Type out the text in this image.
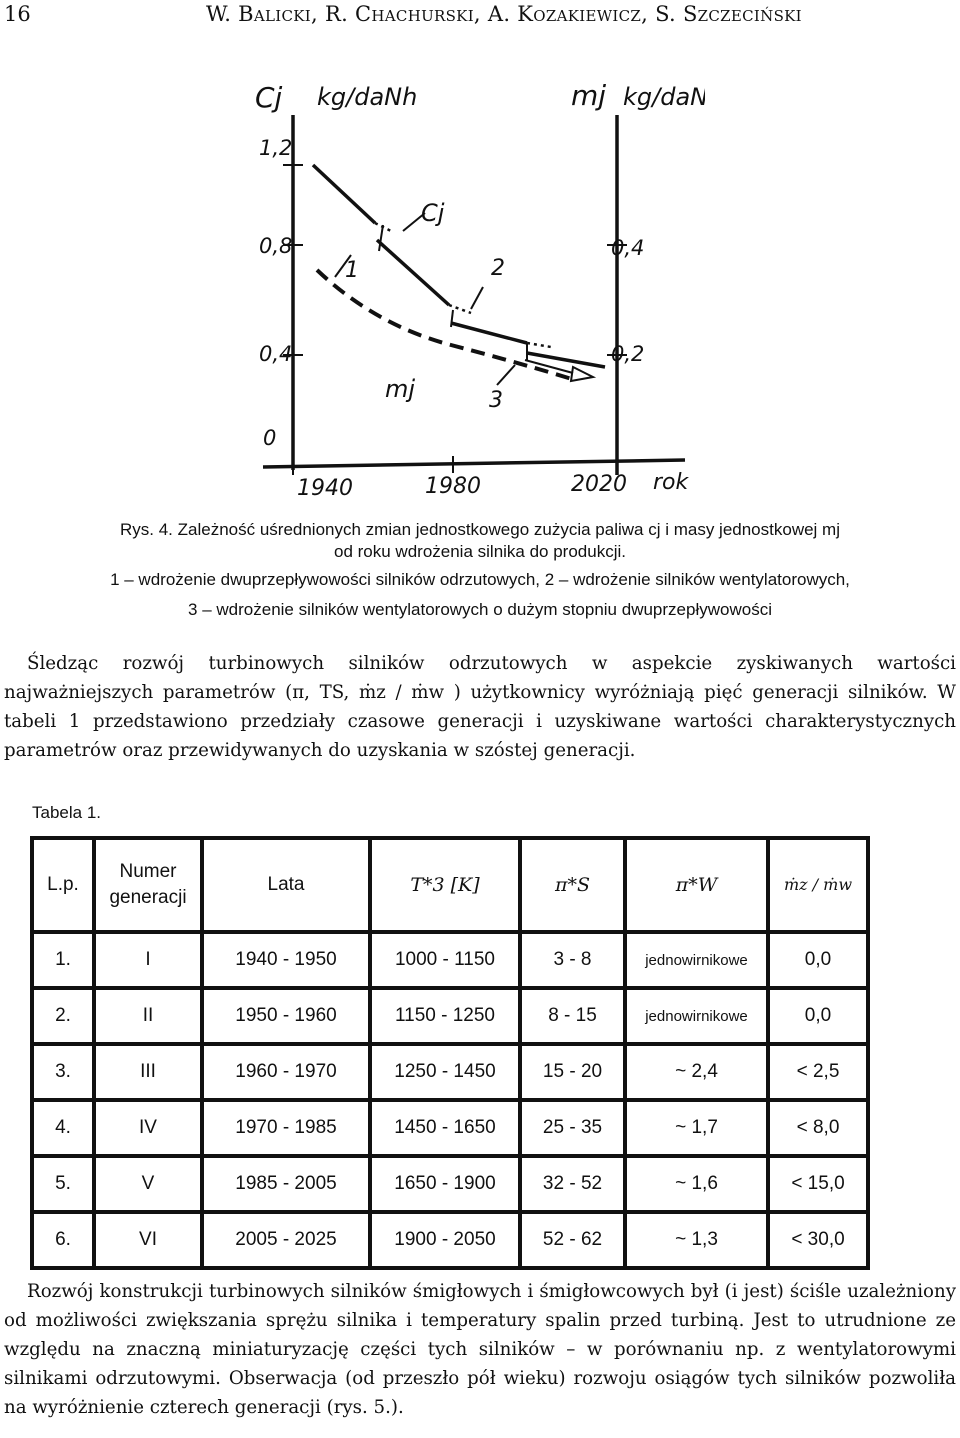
16	W. Balicki, R. Chachurski, A. Kozakiewicz, S. Szczeciński
Cj kg/daNh	mj kg/daN
1,2
0,8
0,4
0
0,4
0,2
1940	1980	2020 rok
Cj
mj
1	2
3
Rys. 4. Zależność uśrednionych zmian jednostkowego zużycia paliwa cj i masy jednostkowej mj
od roku wdrożenia silnika do produkcji.
1 – wdrożenie dwuprzepływowości silników odrzutowych, 2 – wdrożenie silników wentylatorowych,
3 – wdrożenie silników wentylatorowych o dużym stopniu dwuprzepływowości

Śledząc rozwój turbinowych silników odrzutowych w aspekcie zyskiwanych wartości najważniejszych parametrów (π, TS, ṁz / ṁw ) użytkownicy wyróżniają pięć generacji silników. W tabeli 1 przedstawiono przedziały czasowe generacji i uzyskiwane wartości charakterystycznych parametrów oraz przewidywanych do uzyskania w szóstej generacji.

Tabela 1.
L.p.	Numer generacji	Lata	T*3 [K]	π*S	π*W	ṁz / ṁw
1.	I	1940 - 1950	1000 - 1150	3 - 8	jednowirnikowe	0,0
2.	II	1950 - 1960	1150 - 1250	8 - 15	jednowirnikowe	0,0
3.	III	1960 - 1970	1250 - 1450	15 - 20	~ 2,4	< 2,5
4.	IV	1970 - 1985	1450 - 1650	25 - 35	~ 1,7	< 8,0
5.	V	1985 - 2005	1650 - 1900	32 - 52	~ 1,6	< 15,0
6.	VI	2005 - 2025	1900 - 2050	52 - 62	~ 1,3	< 30,0

Rozwój konstrukcji turbinowych silników śmigłowych i śmigłowcowych był (i jest) ściśle uzależniony od możliwości zwiększania sprężu silnika i temperatury spalin przed turbiną. Jest to utrudnione ze względu na znaczną miniaturyzację części tych silników – w porównaniu np. z wentylatorowymi silnikami odrzutowymi. Obserwacja (od przeszło pół wieku) rozwoju osiągów tych silników pozwoliła na wyróżnienie czterech generacji (rys. 5.).
